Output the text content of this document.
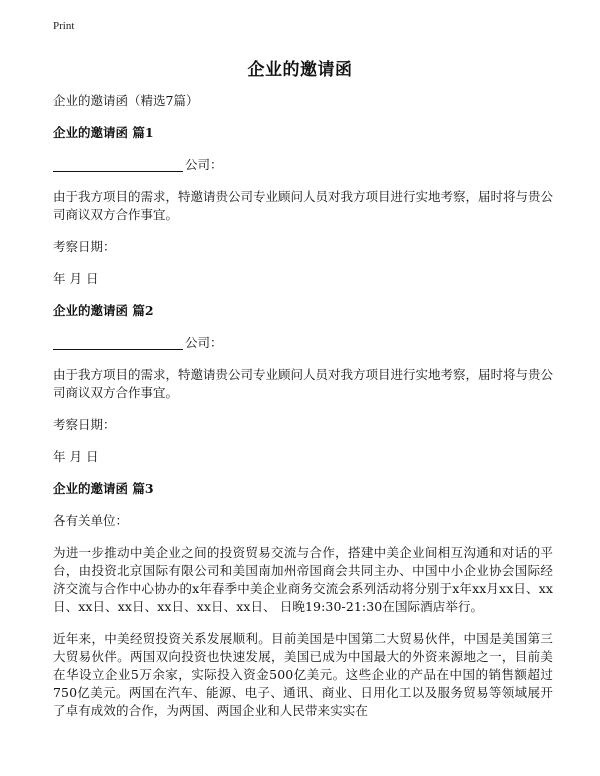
Print
企业的邀请函

企业的邀请函（精选7篇）

企业的邀请函 篇1

公司：

由于我方项目的需求，特邀请贵公司专业顾问人员对我方项目进行实地考察，届时将与贵公司商议双方合作事宜。

考察日期：

年 月 日

企业的邀请函 篇2

公司：

由于我方项目的需求，特邀请贵公司专业顾问人员对我方项目进行实地考察，届时将与贵公司商议双方合作事宜。

考察日期：

年 月 日

企业的邀请函 篇3

各有关单位：

为进一步推动中美企业之间的投资贸易交流与合作，搭建中美企业间相互沟通和对话的平台，由投资北京国际有限公司和美国南加州帝国商会共同主办、中国中小企业协会国际经济交流与合作中心协办的x年春季中美企业商务交流会系列活动将分别于x年xx月xx日、xx日、xx日、xx日、xx日、xx日、xx日、 日晚19:30-21:30在国际酒店举行。

近年来，中美经贸投资关系发展顺利。目前美国是中国第二大贸易伙伴，中国是美国第三大贸易伙伴。两国双向投资也快速发展，美国已成为中国最大的外资来源地之一，目前美在华设立企业5万余家，实际投入资金500亿美元。这些企业的产品在中国的销售额超过750亿美元。两国在汽车、能源、电子、通讯、商业、日用化工以及服务贸易等领域展开了卓有成效的合作，为两国、两国企业和人民带来实实在
